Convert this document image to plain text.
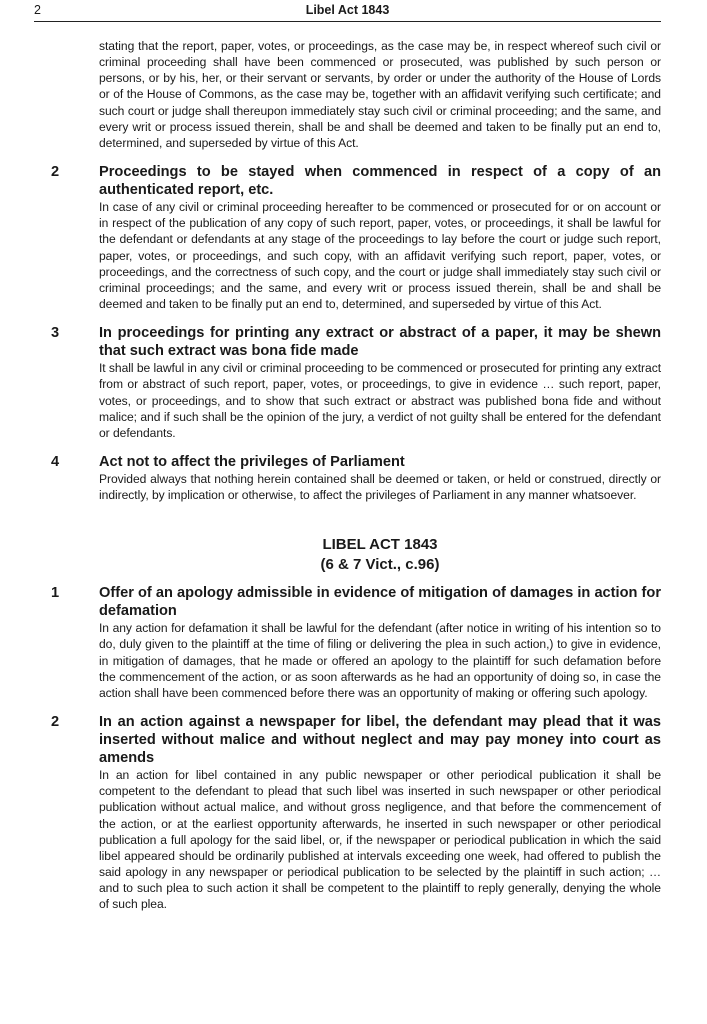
2	Libel Act 1843

stating that the report, paper, votes, or proceedings, as the case may be, in respect whereof such civil or criminal proceeding shall have been commenced or prosecuted, was published by such person or persons, or by his, her, or their servant or servants, by order or under the authority of the House of Lords or of the House of Commons, as the case may be, together with an affidavit verifying such certificate; and such court or judge shall thereupon immediately stay such civil or criminal proceeding; and the same, and every writ or process issued therein, shall be and shall be deemed and taken to be finally put an end to, determined, and superseded by virtue of this Act.

2	Proceedings to be stayed when commenced in respect of a copy of an authenticated report, etc.

In case of any civil or criminal proceeding hereafter to be commenced or prosecuted for or on account or in respect of the publication of any copy of such report, paper, votes, or proceedings, it shall be lawful for the defendant or defendants at any stage of the proceedings to lay before the court or judge such report, paper, votes, or proceedings, and such copy, with an affidavit verifying such report, paper, votes, or proceedings, and the correctness of such copy, and the court or judge shall immediately stay such civil or criminal proceedings; and the same, and every writ or process issued therein, shall be and shall be deemed and taken to be finally put an end to, determined, and superseded by virtue of this Act.

3	In proceedings for printing any extract or abstract of a paper, it may be shewn that such extract was bona fide made

It shall be lawful in any civil or criminal proceeding to be commenced or prosecuted for printing any extract from or abstract of such report, paper, votes, or proceedings, to give in evidence … such report, paper, votes, or proceedings, and to show that such extract or abstract was published bona fide and without malice; and if such shall be the opinion of the jury, a verdict of not guilty shall be entered for the defendant or defendants.

4	Act not to affect the privileges of Parliament

Provided always that nothing herein contained shall be deemed or taken, or held or construed, directly or indirectly, by implication or otherwise, to affect the privileges of Parliament in any manner whatsoever.

LIBEL ACT 1843
(6 & 7 Vict., c.96)
1	Offer of an apology admissible in evidence of mitigation of damages in action for defamation

In any action for defamation it shall be lawful for the defendant (after notice in writing of his intention so to do, duly given to the plaintiff at the time of filing or delivering the plea in such action,) to give in evidence, in mitigation of damages, that he made or offered an apology to the plaintiff for such defamation before the commencement of the action, or as soon afterwards as he had an opportunity of doing so, in case the action shall have been commenced before there was an opportunity of making or offering such apology.

2	In an action against a newspaper for libel, the defendant may plead that it was inserted without malice and without neglect and may pay money into court as amends

In an action for libel contained in any public newspaper or other periodical publication it shall be competent to the defendant to plead that such libel was inserted in such newspaper or other periodical publication without actual malice, and without gross negligence, and that before the commencement of the action, or at the earliest opportunity afterwards, he inserted in such newspaper or other periodical publication a full apology for the said libel, or, if the newspaper or periodical publication in which the said libel appeared should be ordinarily published at intervals exceeding one week, had offered to publish the said apology in any newspaper or periodical publication to be selected by the plaintiff in such action; … and to such plea to such action it shall be competent to the plaintiff to reply generally, denying the whole of such plea.
